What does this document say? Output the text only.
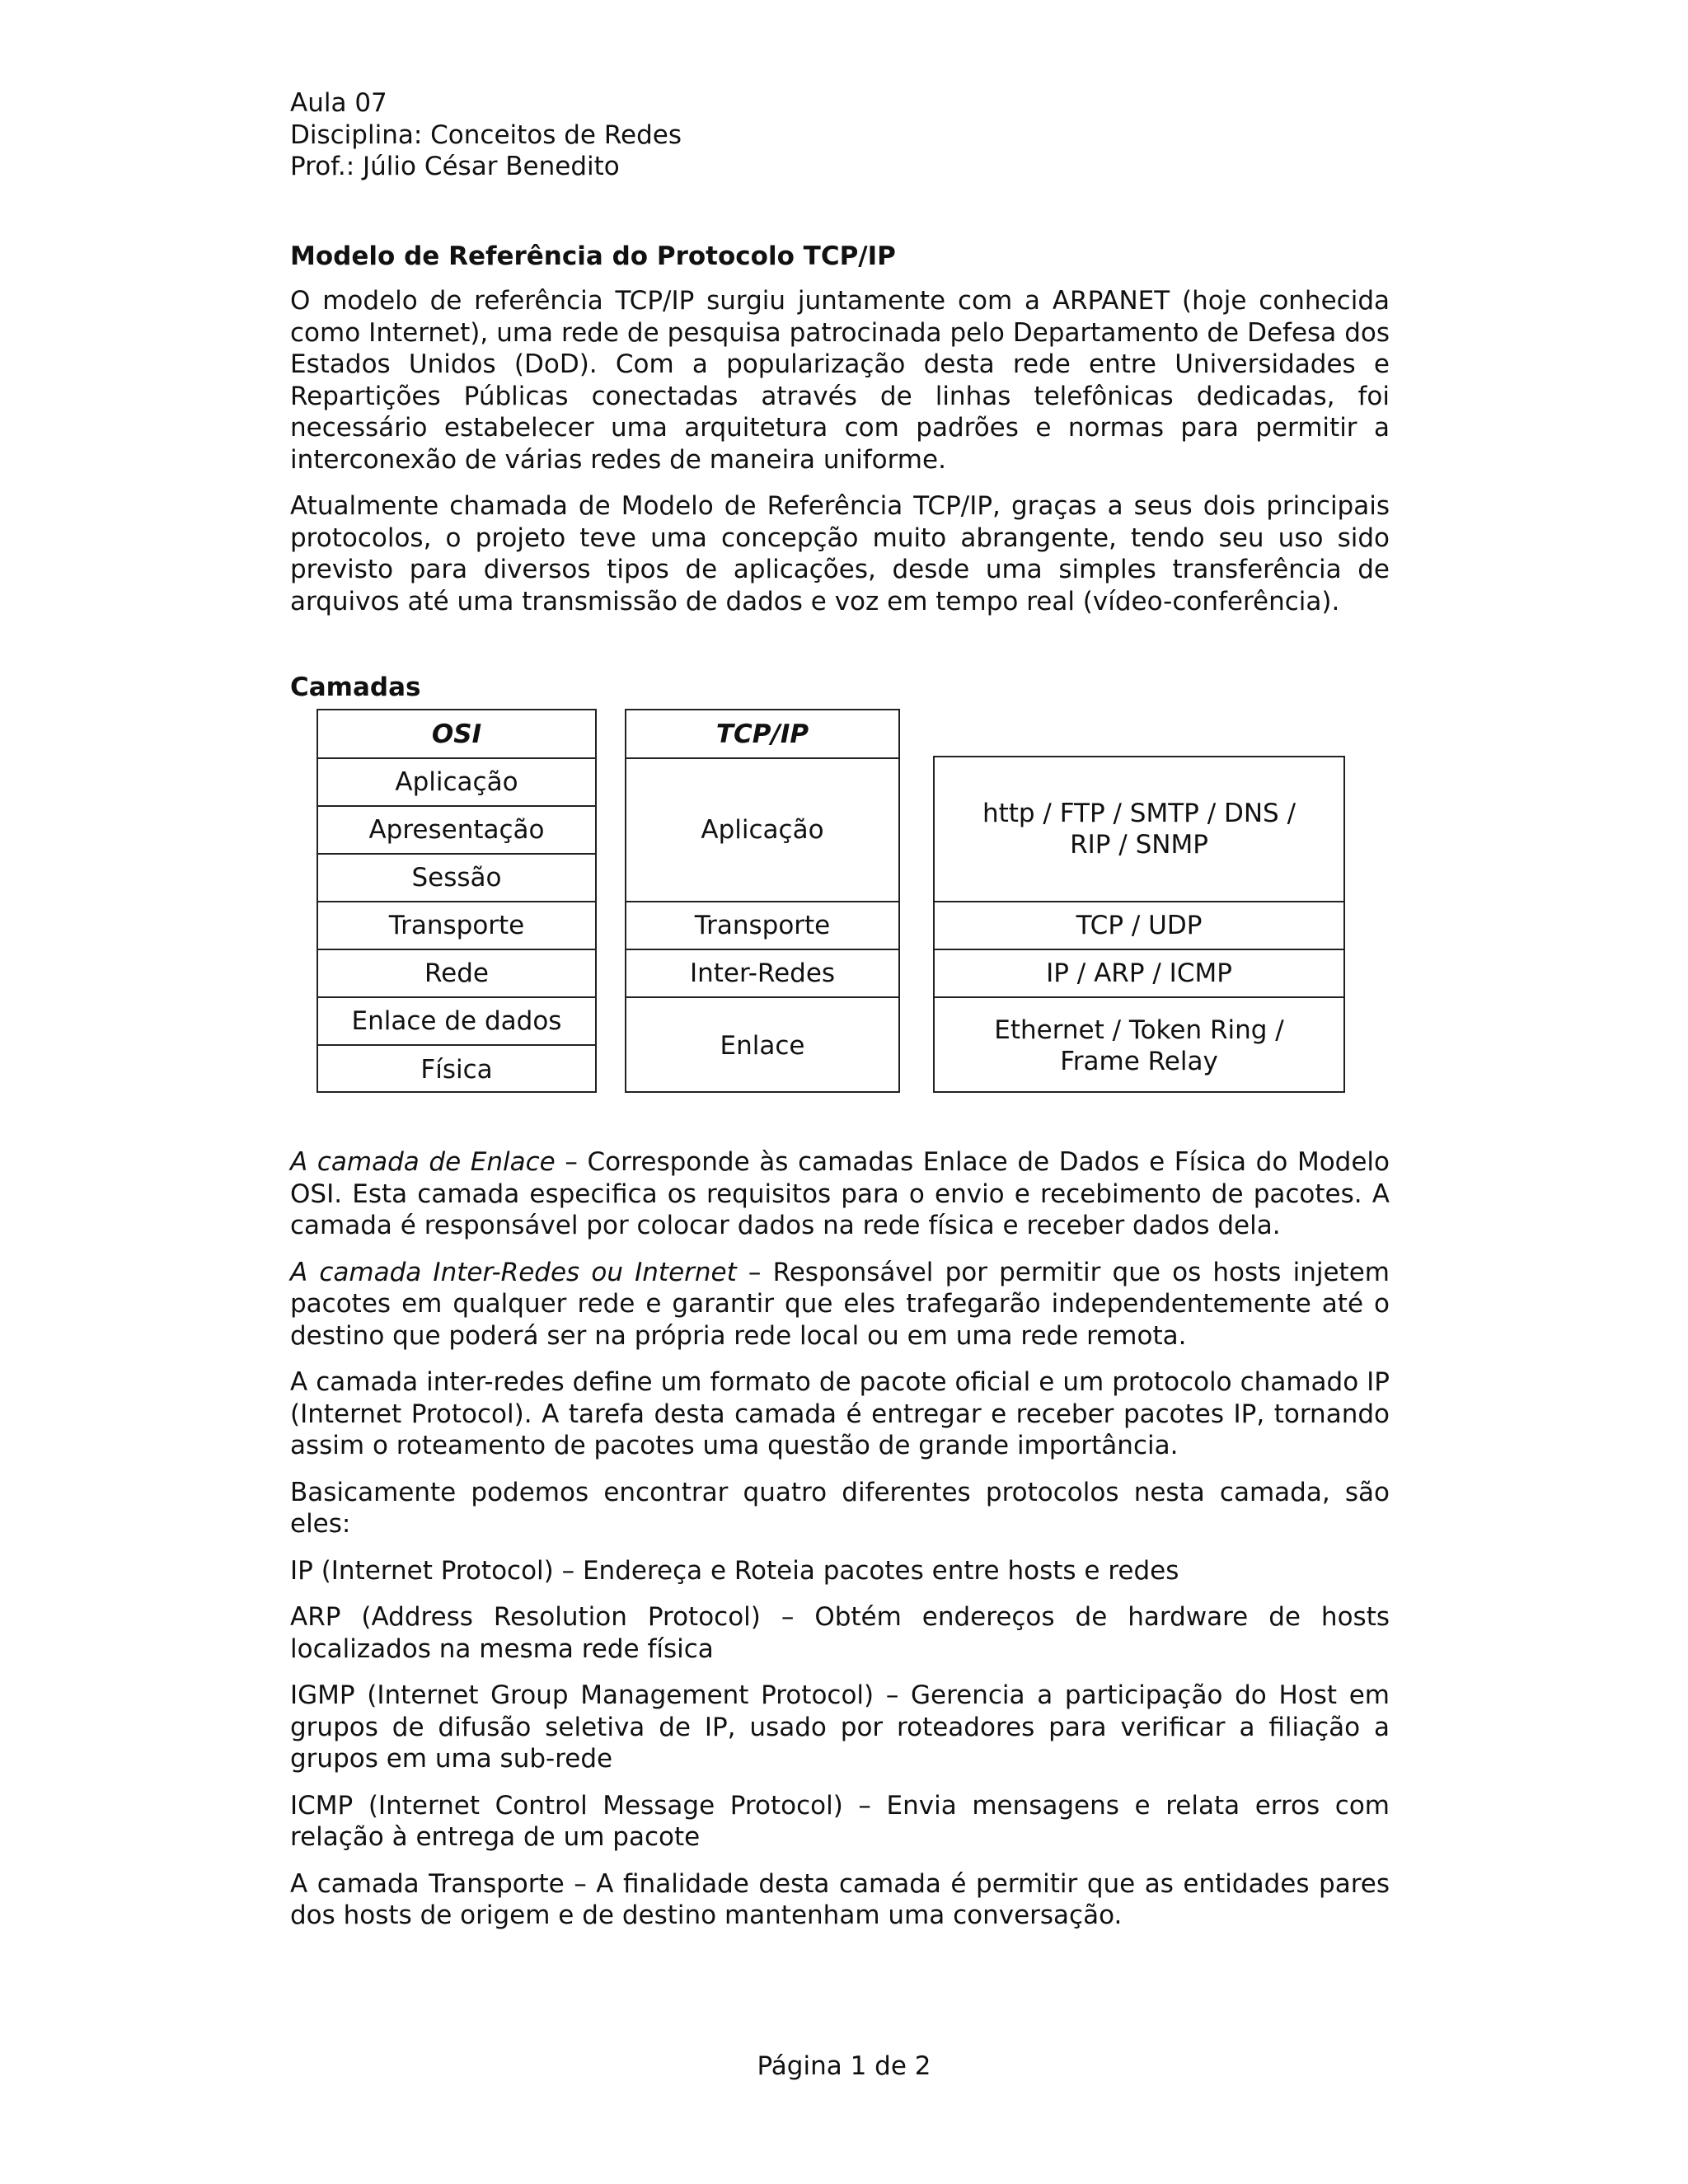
Aula 07
Disciplina: Conceitos de Redes
Prof.: Júlio César Benedito
Modelo de Referência do Protocolo TCP/IP

O modelo de referência TCP/IP surgiu juntamente com a ARPANET (hoje conhecida como Internet), uma rede de pesquisa patrocinada pelo Departamento de Defesa dos Estados Unidos (DoD). Com a popularização desta rede entre Universidades e Repartições Públicas conectadas através de linhas telefônicas dedicadas, foi necessário estabelecer uma arquitetura com padrões e normas para permitir a interconexão de várias redes de maneira uniforme.

Atualmente chamada de Modelo de Referência TCP/IP, graças a seus dois principais protocolos, o projeto teve uma concepção muito abrangente, tendo seu uso sido previsto para diversos tipos de aplicações, desde uma simples transferência de arquivos até uma transmissão de dados e voz em tempo real (vídeo-conferência).

Camadas
OSI
Aplicação
Apresentação
Sessão
Transporte
Rede
Enlace de dados
Física
TCP/IP
Aplicação
Transporte
Inter-Redes
Enlace
http / FTP / SMTP / DNS /
RIP / SNMP
TCP / UDP
IP / ARP / ICMP
Ethernet / Token Ring /
Frame Relay

A camada de Enlace – Corresponde às camadas Enlace de Dados e Física do Modelo OSI. Esta camada especifica os requisitos para o envio e recebimento de pacotes. A camada é responsável por colocar dados na rede física e receber dados dela.

A camada Inter-Redes ou Internet – Responsável por permitir que os hosts injetem pacotes em qualquer rede e garantir que eles trafegarão independentemente até o destino que poderá ser na própria rede local ou em uma rede remota.

A camada inter-redes define um formato de pacote oficial e um protocolo chamado IP (Internet Protocol). A tarefa desta camada é entregar e receber pacotes IP, tornando assim o roteamento de pacotes uma questão de grande importância.

Basicamente podemos encontrar quatro diferentes protocolos nesta camada, são eles:

IP (Internet Protocol) – Endereça e Roteia pacotes entre hosts e redes

ARP (Address Resolution Protocol) – Obtém endereços de hardware de hosts localizados na mesma rede física

IGMP (Internet Group Management Protocol) – Gerencia a participação do Host em grupos de difusão seletiva de IP, usado por roteadores para verificar a filiação a grupos em uma sub-rede

ICMP (Internet Control Message Protocol) – Envia mensagens e relata erros com relação à entrega de um pacote

A camada Transporte – A finalidade desta camada é permitir que as entidades pares dos hosts de origem e de destino mantenham uma conversação.

Página 1 de 2
